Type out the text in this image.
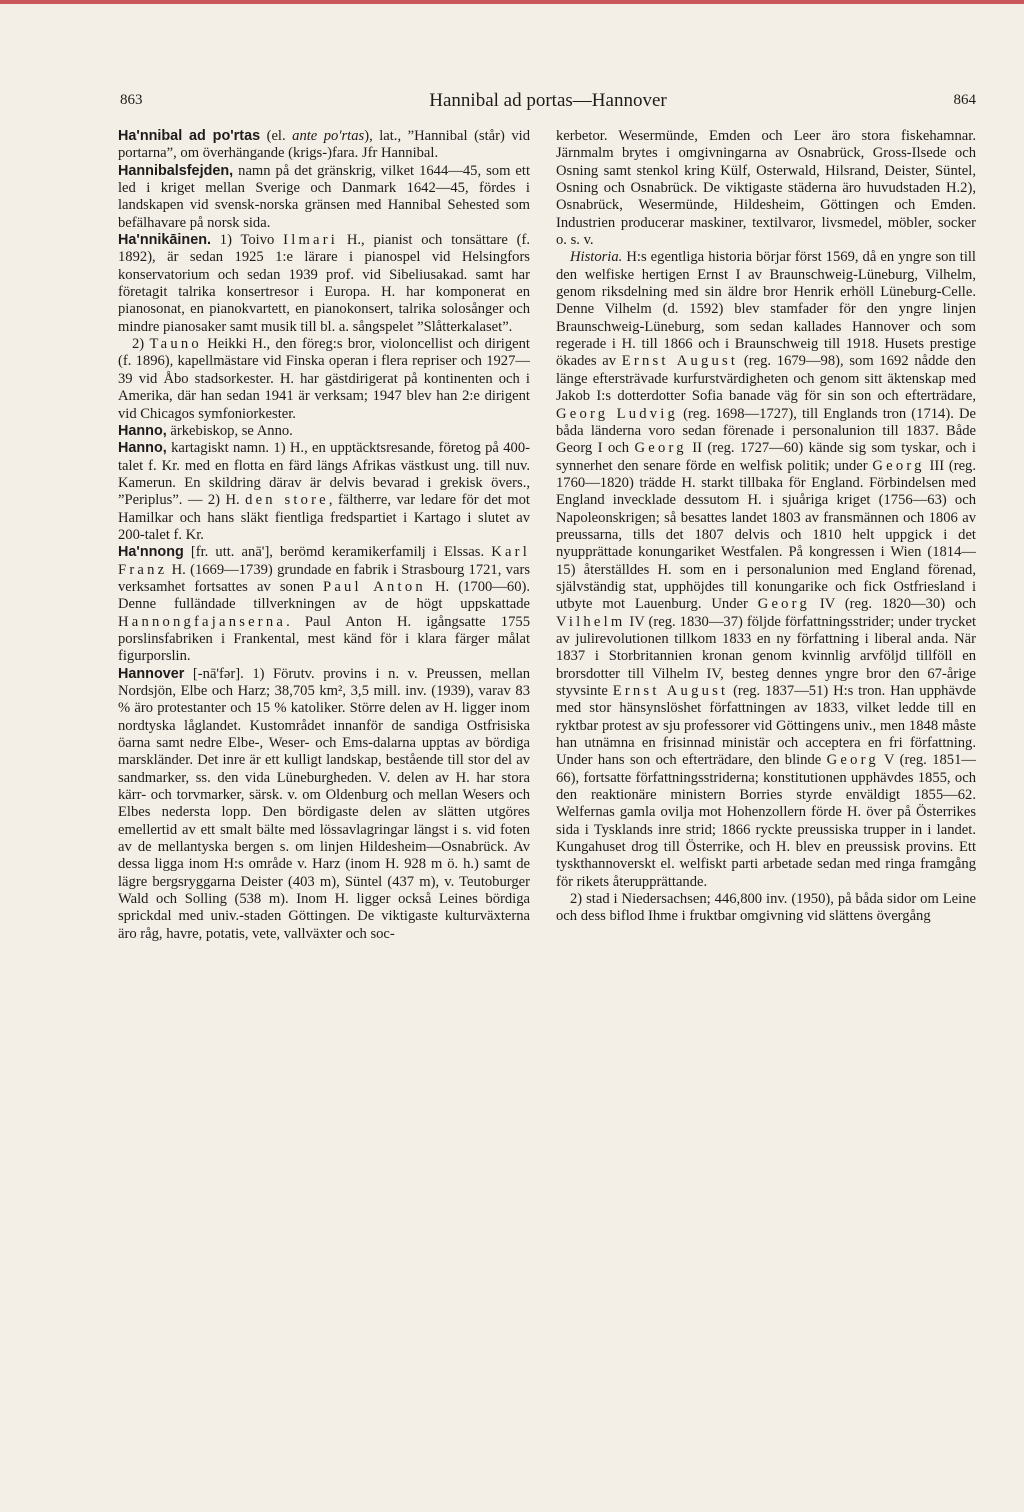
863	Hannibal ad portas—Hannover	864

Ha'nnibal ad po'rtas (el. ante po'rtas), lat., ”Hannibal (står) vid portarna”, om överhängande (krigs-)fara. Jfr Hannibal.

Hannibalsfejden, namn på det gränskrig, vilket 1644—45, som ett led i kriget mellan Sverige och Danmark 1642—45, fördes i landskapen vid svensk-norska gränsen med Hannibal Sehested som befälhavare på norsk sida.

Ha'nnikāinen. 1) Toivo Ilmari H., pianist och tonsättare (f. 1892), är sedan 1925 1:e lärare i pianospel vid Helsingfors konservatorium och sedan 1939 prof. vid Sibeliusakad. samt har företagit talrika konsertresor i Europa. H. har komponerat en pianosonat, en pianokvartett, en pianokonsert, talrika solosånger och mindre pianosaker samt musik till bl. a. sångspelet ”Slåtterkalaset”.

2) Tauno Heikki H., den föreg:s bror, violoncellist och dirigent (f. 1896), kapellmästare vid Finska operan i flera repriser och 1927—39 vid Åbo stadsorkester. H. har gästdirigerat på kontinenten och i Amerika, där han sedan 1941 är verksam; 1947 blev han 2:e dirigent vid Chicagos symfoniorkester.

Hanno, ärkebiskop, se Anno.

Hanno, kartagiskt namn. 1) H., en upptäcktsresande, företog på 400-talet f. Kr. med en flotta en färd längs Afrikas västkust ung. till nuv. Kamerun. En skildring därav är delvis bevarad i grekisk övers., ”Periplus”. — 2) H. den store, fältherre, var ledare för det mot Hamilkar och hans släkt fientliga fredspartiet i Kartago i slutet av 200-talet f. Kr.

Ha'nnong [fr. utt. anā'], berömd keramikerfamilj i Elssas. Karl Franz H. (1669—1739) grundade en fabrik i Strasbourg 1721, vars verksamhet fortsattes av sonen Paul Anton H. (1700—60). Denne fulländade tillverkningen av de högt uppskattade Hannongfajanserna. Paul Anton H. igångsatte 1755 porslinsfabriken i Frankental, mest känd för i klara färger målat figurporslin.

Hannover [-nā'fər]. 1) Förutv. provins i n. v. Preussen, mellan Nordsjön, Elbe och Harz; 38,705 km², 3,5 mill. inv. (1939), varav 83 % äro protestanter och 15 % katoliker. Större delen av H. ligger inom nordtyska låglandet. Kustområdet innanför de sandiga Ostfrisiska öarna samt nedre Elbe-, Weser- och Ems-dalarna upptas av bördiga marskländer. Det inre är ett kulligt landskap, bestående till stor del av sandmarker, ss. den vida Lüneburgheden. V. delen av H. har stora kärr- och torvmarker, särsk. v. om Oldenburg och mellan Wesers och Elbes nedersta lopp. Den bördigaste delen av slätten utgöres emellertid av ett smalt bälte med lössavlagringar längst i s. vid foten av de mellantyska bergen s. om linjen Hildesheim—Osnabrück. Av dessa ligga inom H:s område v. Harz (inom H. 928 m ö. h.) samt de lägre bergsryggarna Deister (403 m), Süntel (437 m), v. Teutoburger Wald och Solling (538 m). Inom H. ligger också Leines bördiga sprickdal med univ.-staden Göttingen. De viktigaste kulturväxterna äro råg, havre, potatis, vete, vallväxter och soc-

kerbetor. Wesermünde, Emden och Leer äro stora fiskehamnar. Järnmalm brytes i omgivningarna av Osnabrück, Gross-Ilsede och Osning samt stenkol kring Külf, Osterwald, Hilsrand, Deister, Süntel, Osning och Osnabrück. De viktigaste städerna äro huvudstaden H.2), Osnabrück, Wesermünde, Hildesheim, Göttingen och Emden. Industrien producerar maskiner, textilvaror, livsmedel, möbler, socker o. s. v.

Historia. H:s egentliga historia börjar först 1569, då en yngre son till den welfiske hertigen Ernst I av Braunschweig-Lüneburg, Vilhelm, genom riksdelning med sin äldre bror Henrik erhöll Lüneburg-Celle. Denne Vilhelm (d. 1592) blev stamfader för den yngre linjen Braunschweig-Lüneburg, som sedan kallades Hannover och som regerade i H. till 1866 och i Braunschweig till 1918. Husets prestige ökades av Ernst August (reg. 1679—98), som 1692 nådde den länge eftersträvade kurfurstvärdigheten och genom sitt äktenskap med Jakob I:s dotterdotter Sofia banade väg för sin son och efterträdare, Georg Ludvig (reg. 1698—1727), till Englands tron (1714). De båda länderna voro sedan förenade i personalunion till 1837. Både Georg I och Georg II (reg. 1727—60) kände sig som tyskar, och i synnerhet den senare förde en welfisk politik; under Georg III (reg. 1760—1820) trädde H. starkt tillbaka för England. Förbindelsen med England invecklade dessutom H. i sjuåriga kriget (1756—63) och Napoleonskrigen; så besattes landet 1803 av fransmännen och 1806 av preussarna, tills det 1807 delvis och 1810 helt uppgick i det nyupprättade konungariket Westfalen. På kongressen i Wien (1814—15) återställdes H. som en i personalunion med England förenad, självständig stat, upphöjdes till konungarike och fick Ostfriesland i utbyte mot Lauenburg. Under Georg IV (reg. 1820—30) och Vilhelm IV (reg. 1830—37) följde författningsstrider; under trycket av julirevolutionen tillkom 1833 en ny författning i liberal anda. När 1837 i Storbritannien kronan genom kvinnlig arvföljd tillföll en brorsdotter till Vilhelm IV, besteg dennes yngre bror den 67-årige styvsinte Ernst August (reg. 1837—51) H:s tron. Han upphävde med stor hänsynslöshet författningen av 1833, vilket ledde till en ryktbar protest av sju professorer vid Göttingens univ., men 1848 måste han utnämna en frisinnad ministär och acceptera en fri författning. Under hans son och efterträdare, den blinde Georg V (reg. 1851—66), fortsatte författningsstriderna; konstitutionen upphävdes 1855, och den reaktionäre ministern Borries styrde enväldigt 1855—62. Welfernas gamla ovilja mot Hohenzollern förde H. över på Österrikes sida i Tysklands inre strid; 1866 ryckte preussiska trupper in i landet. Kungahuset drog till Österrike, och H. blev en preussisk provins. Ett tyskthannoverskt el. welfiskt parti arbetade sedan med ringa framgång för rikets återupprättande.

2) stad i Niedersachsen; 446,800 inv. (1950), på båda sidor om Leine och dess biflod Ihme i fruktbar omgivning vid slättens övergång
